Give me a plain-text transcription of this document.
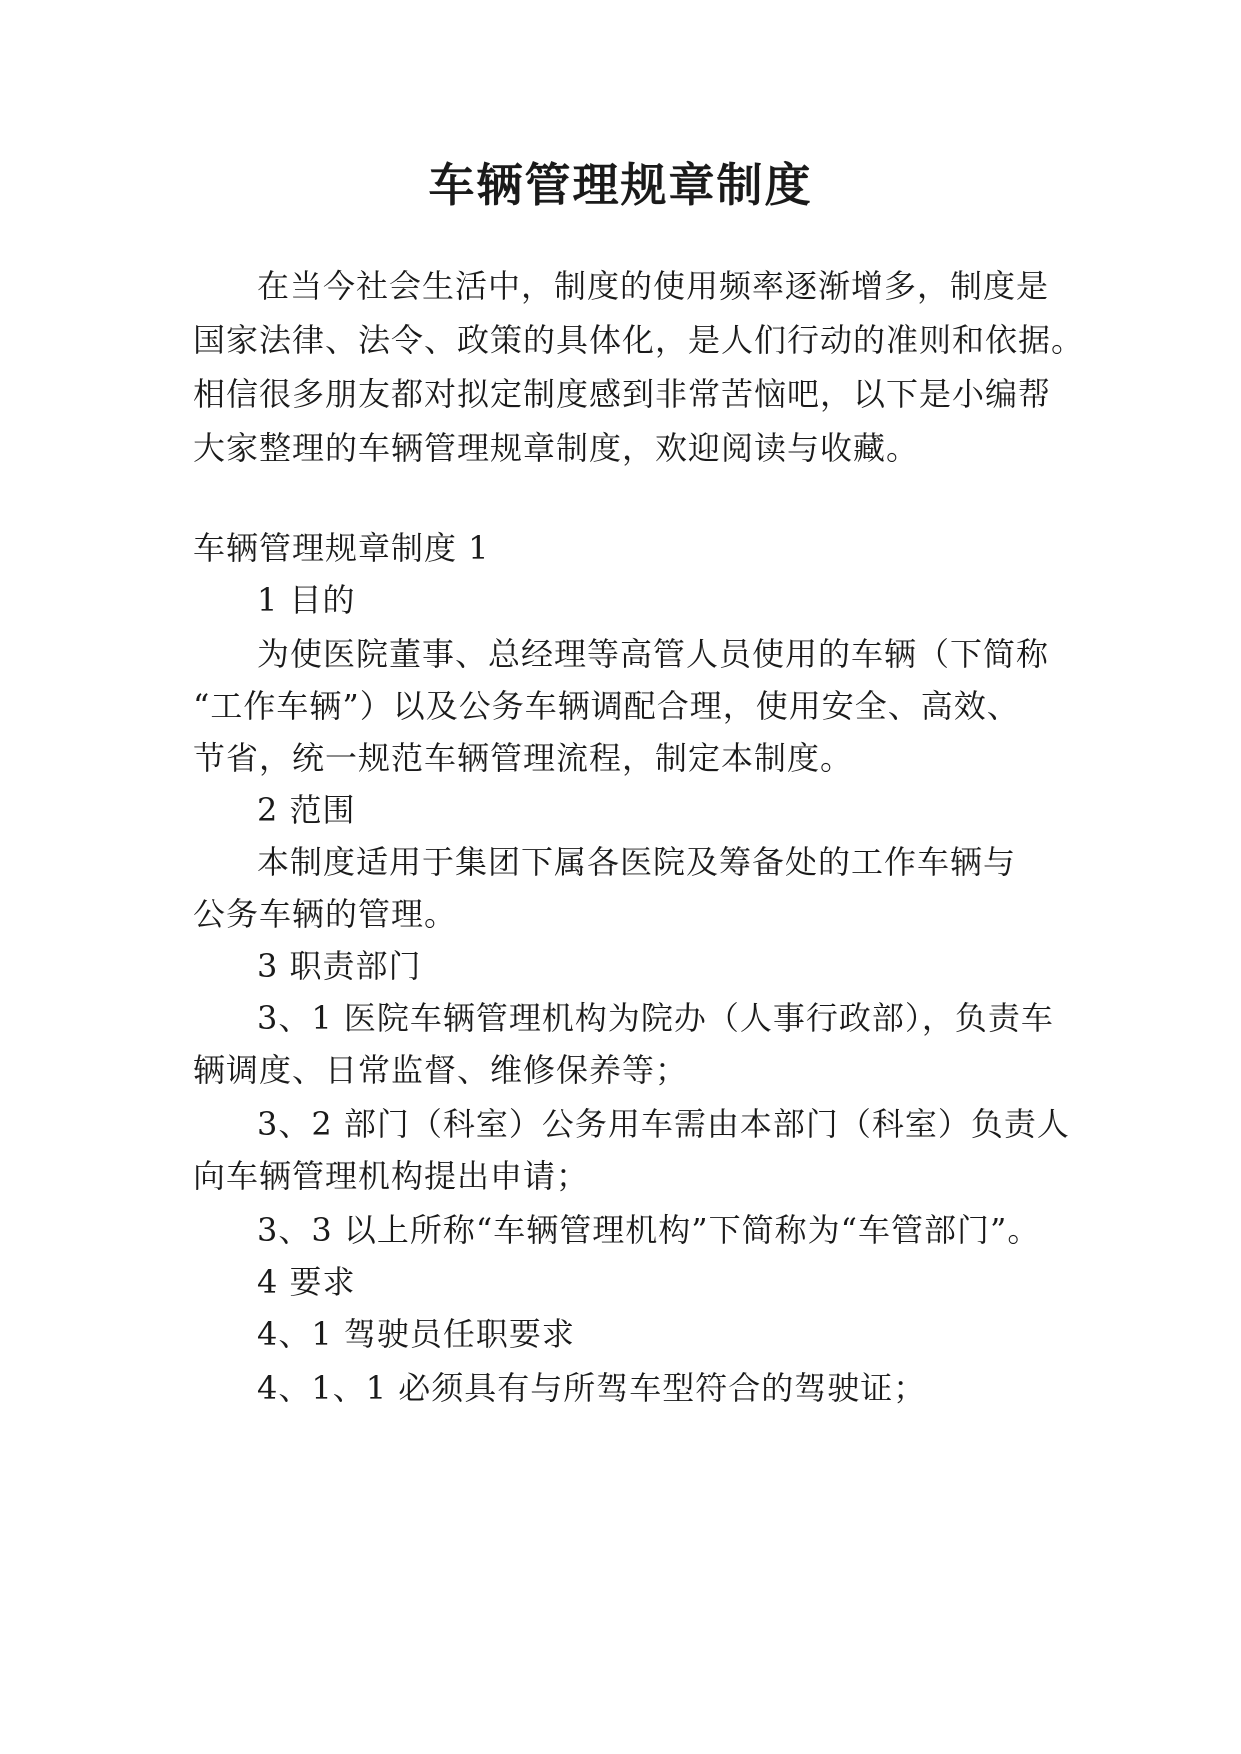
车辆管理规章制度
在当今社会生活中，制度的使用频率逐渐增多，制度是
国家法律、法令、政策的具体化，是人们行动的准则和依据。
相信很多朋友都对拟定制度感到非常苦恼吧，以下是小编帮
大家整理的车辆管理规章制度，欢迎阅读与收藏。
车辆管理规章制度 1
1 目的
为使医院董事、总经理等高管人员使用的车辆（下简称
“工作车辆”）以及公务车辆调配合理，使用安全、高效、
节省，统一规范车辆管理流程，制定本制度。
2 范围
本制度适用于集团下属各医院及筹备处的工作车辆与
公务车辆的管理。
3 职责部门
3、1 医院车辆管理机构为院办（人事行政部），负责车
辆调度、日常监督、维修保养等；
3、2 部门（科室）公务用车需由本部门（科室）负责人
向车辆管理机构提出申请；
3、3 以上所称“车辆管理机构”下简称为“车管部门”。
4 要求
4、1 驾驶员任职要求
4、1、1 必须具有与所驾车型符合的驾驶证；
